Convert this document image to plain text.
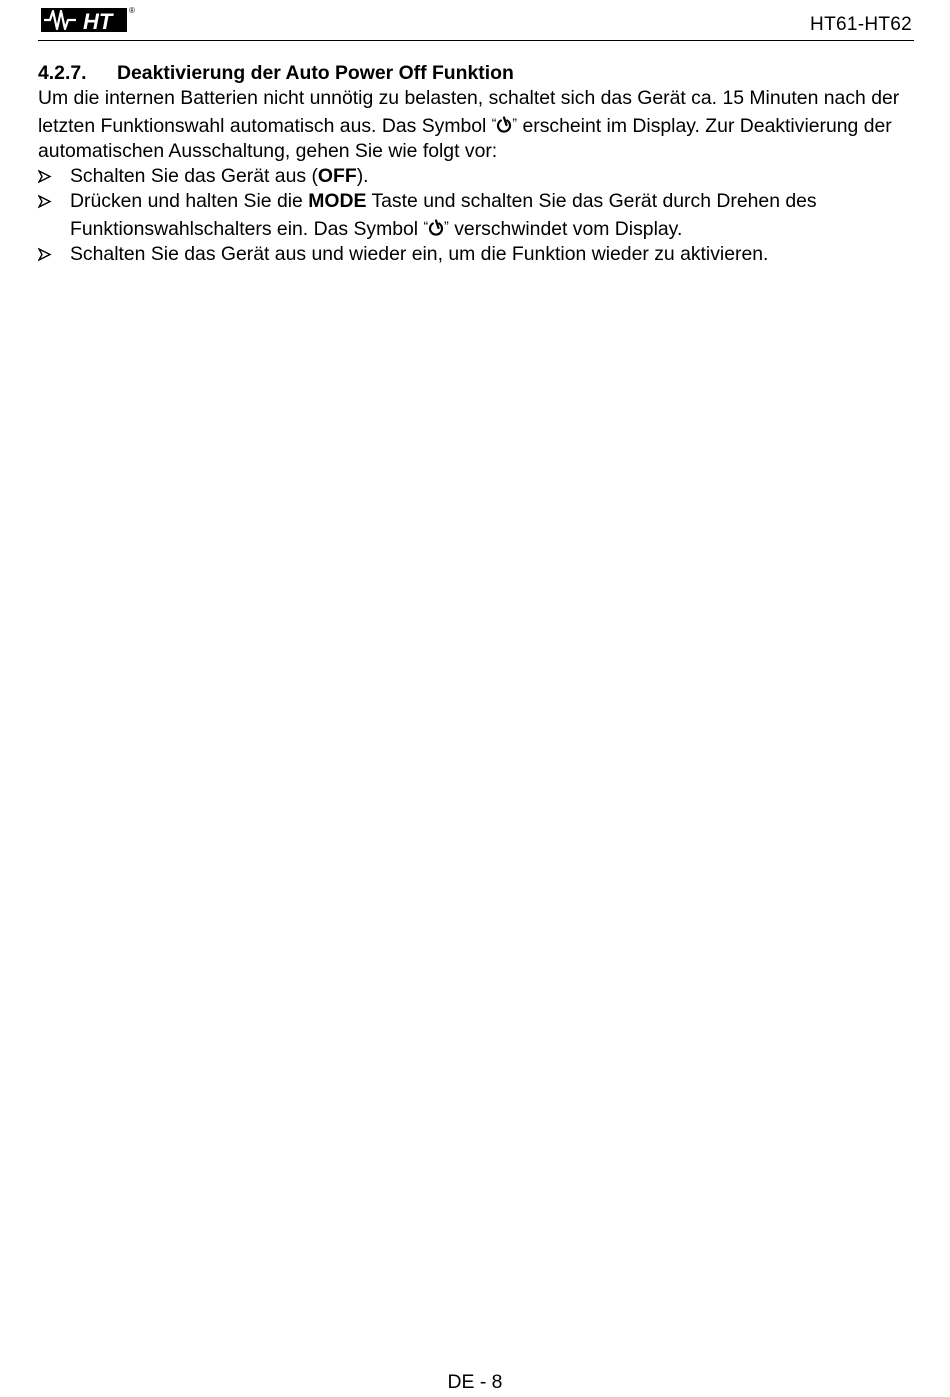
HT ®
HT61-HT62

4.2.7. Deaktivierung der Auto Power Off Funktion

Um die internen Batterien nicht unnötig zu belasten, schaltet sich das Gerät ca. 15 Minuten nach der letzten Funktionswahl automatisch aus. Das Symbol “ ” erscheint im Display. Zur Deaktivierung der automatischen Ausschaltung, gehen Sie wie folgt vor:

Schalten Sie das Gerät aus (OFF).
Drücken und halten Sie die MODE Taste und schalten Sie das Gerät durch Drehen des Funktionswahlschalters ein. Das Symbol “ ” verschwindet vom Display.
Schalten Sie das Gerät aus und wieder ein, um die Funktion wieder zu aktivieren.
DE - 8
